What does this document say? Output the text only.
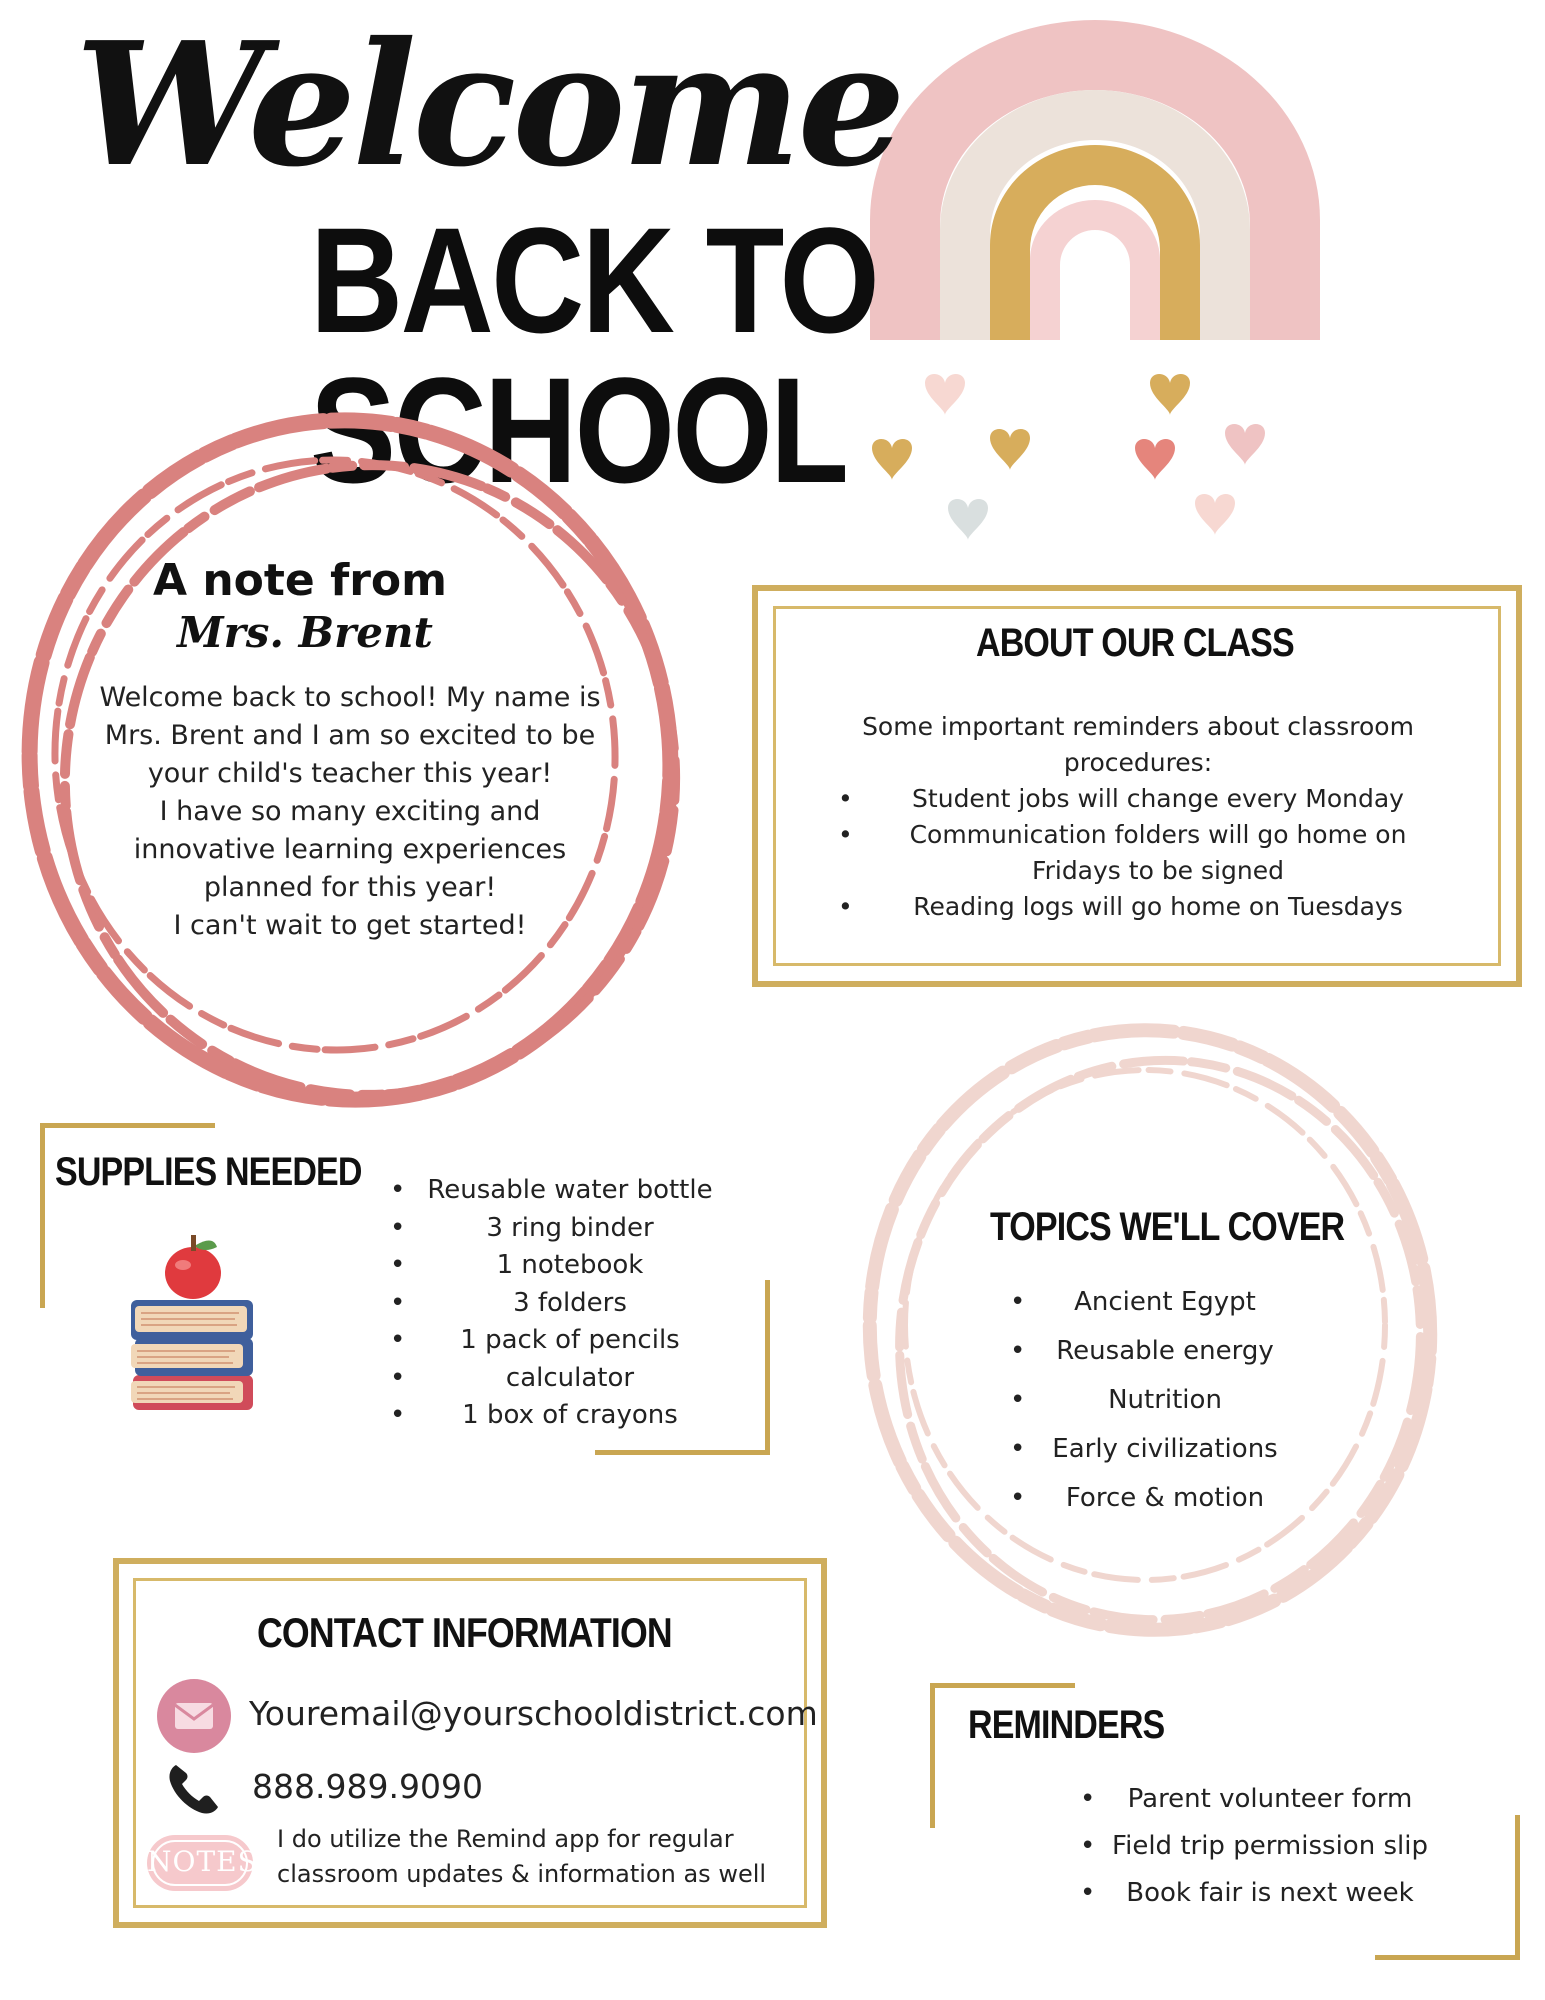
Welcome
BACK TO SCHOOL
A note from
Mrs. Brent
Welcome back to school! My name is
Mrs. Brent and I am so excited to be
your child's teacher this year!
I have so many exciting and
innovative learning experiences
planned for this year!
I can't wait to get started!
ABOUT OUR CLASS
Some important reminders about classroom
procedures:
• Student jobs will change every Monday
• Communication folders will go home on
Fridays to be signed
• Reading logs will go home on Tuesdays
SUPPLIES NEEDED • Reusable water bottle
•	3 ring binder
•	1 notebook
•	3 folders
• 1 pack of pencils
•	calculator
• 1 box of crayons
TOPICS WE'LL COVER
• Ancient Egypt
• Reusable energy
•	Nutrition
• Early civilizations
• Force & motion
CONTACT INFORMATION
Youremail@yourschooldistrict.com
888.989.9090
NOTES
I do utilize the Remind app for regular
classroom updates & information as well
REMINDERS
• Parent volunteer form
• Field trip permission slip
• Book fair is next week
